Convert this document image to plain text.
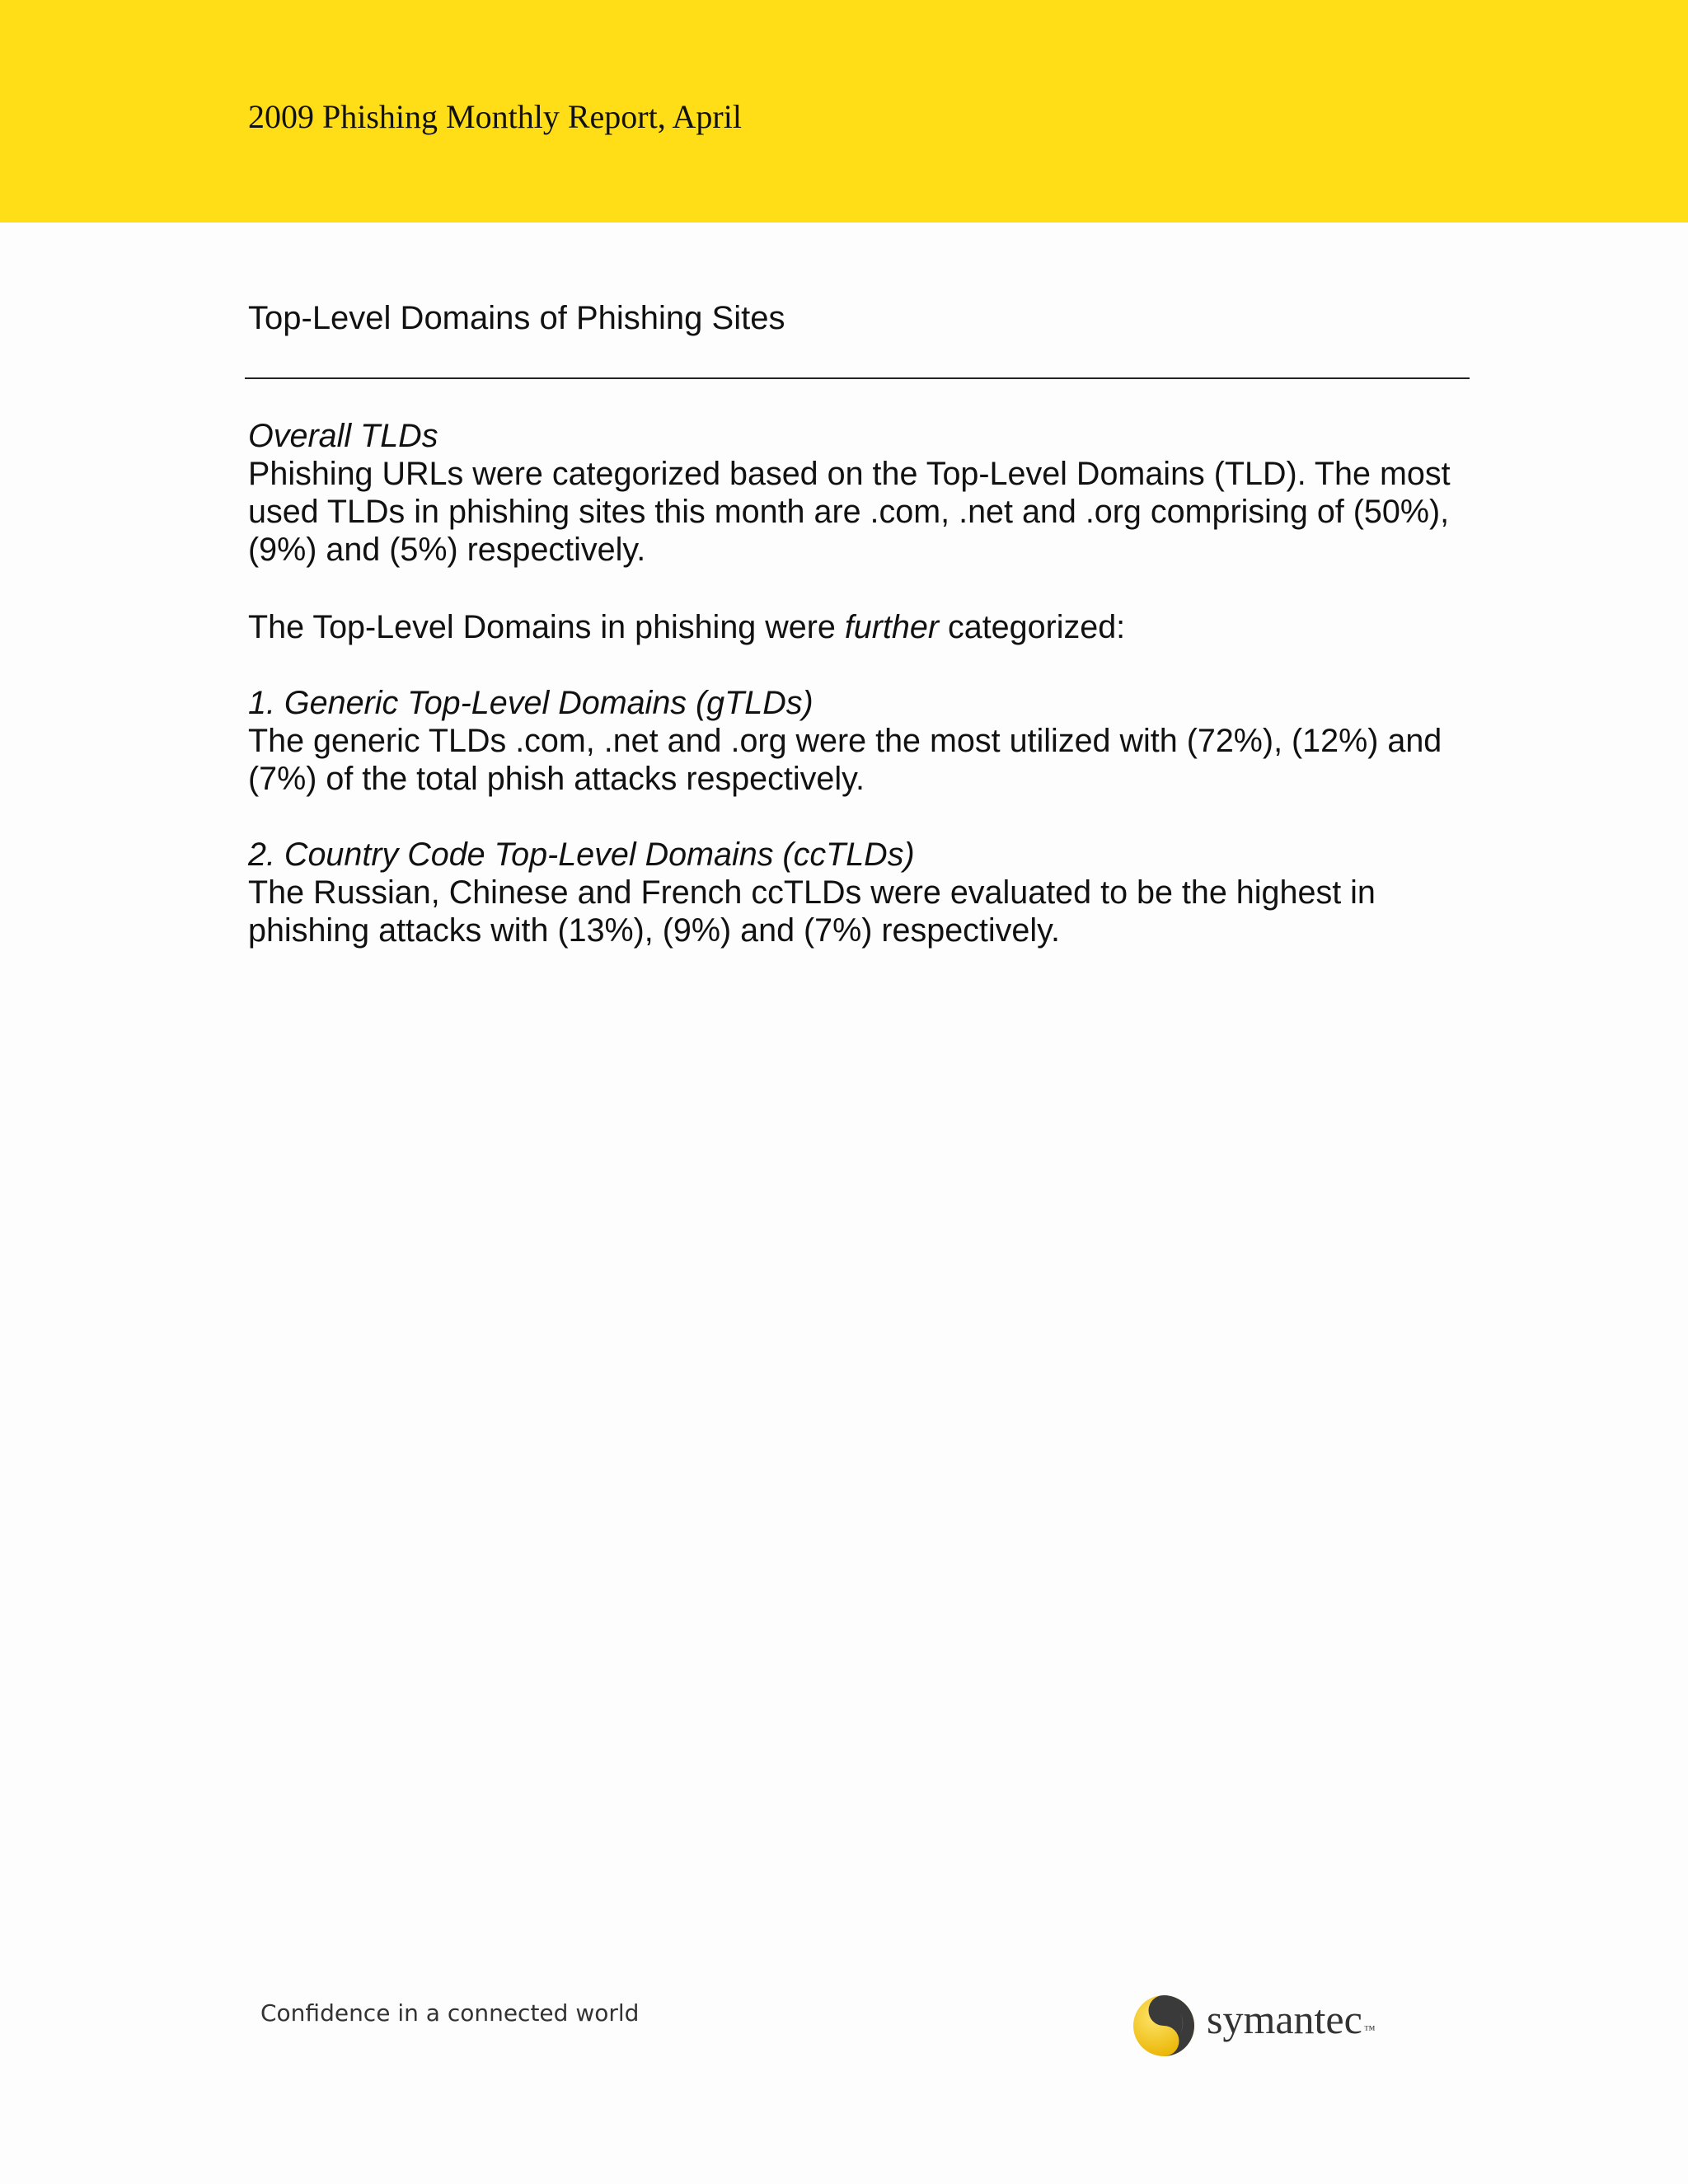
2009 Phishing Monthly Report, April
Top-Level Domains of Phishing Sites

Overall TLDs

Phishing URLs were categorized based on the Top-Level Domains (TLD). The most used TLDs in phishing sites this month are .com, .net and .org comprising of (50%), (9%) and (5%) respectively.

The Top-Level Domains in phishing were further categorized:

1. Generic Top-Level Domains (gTLDs)

The generic TLDs .com, .net and .org were the most utilized with (72%), (12%) and (7%) of the total phish attacks respectively.

2. Country Code Top-Level Domains (ccTLDs)

The Russian, Chinese and French ccTLDs were evaluated to be the highest in phishing attacks with (13%), (9%) and (7%) respectively.

Confidence in a connected world	symantec ™
